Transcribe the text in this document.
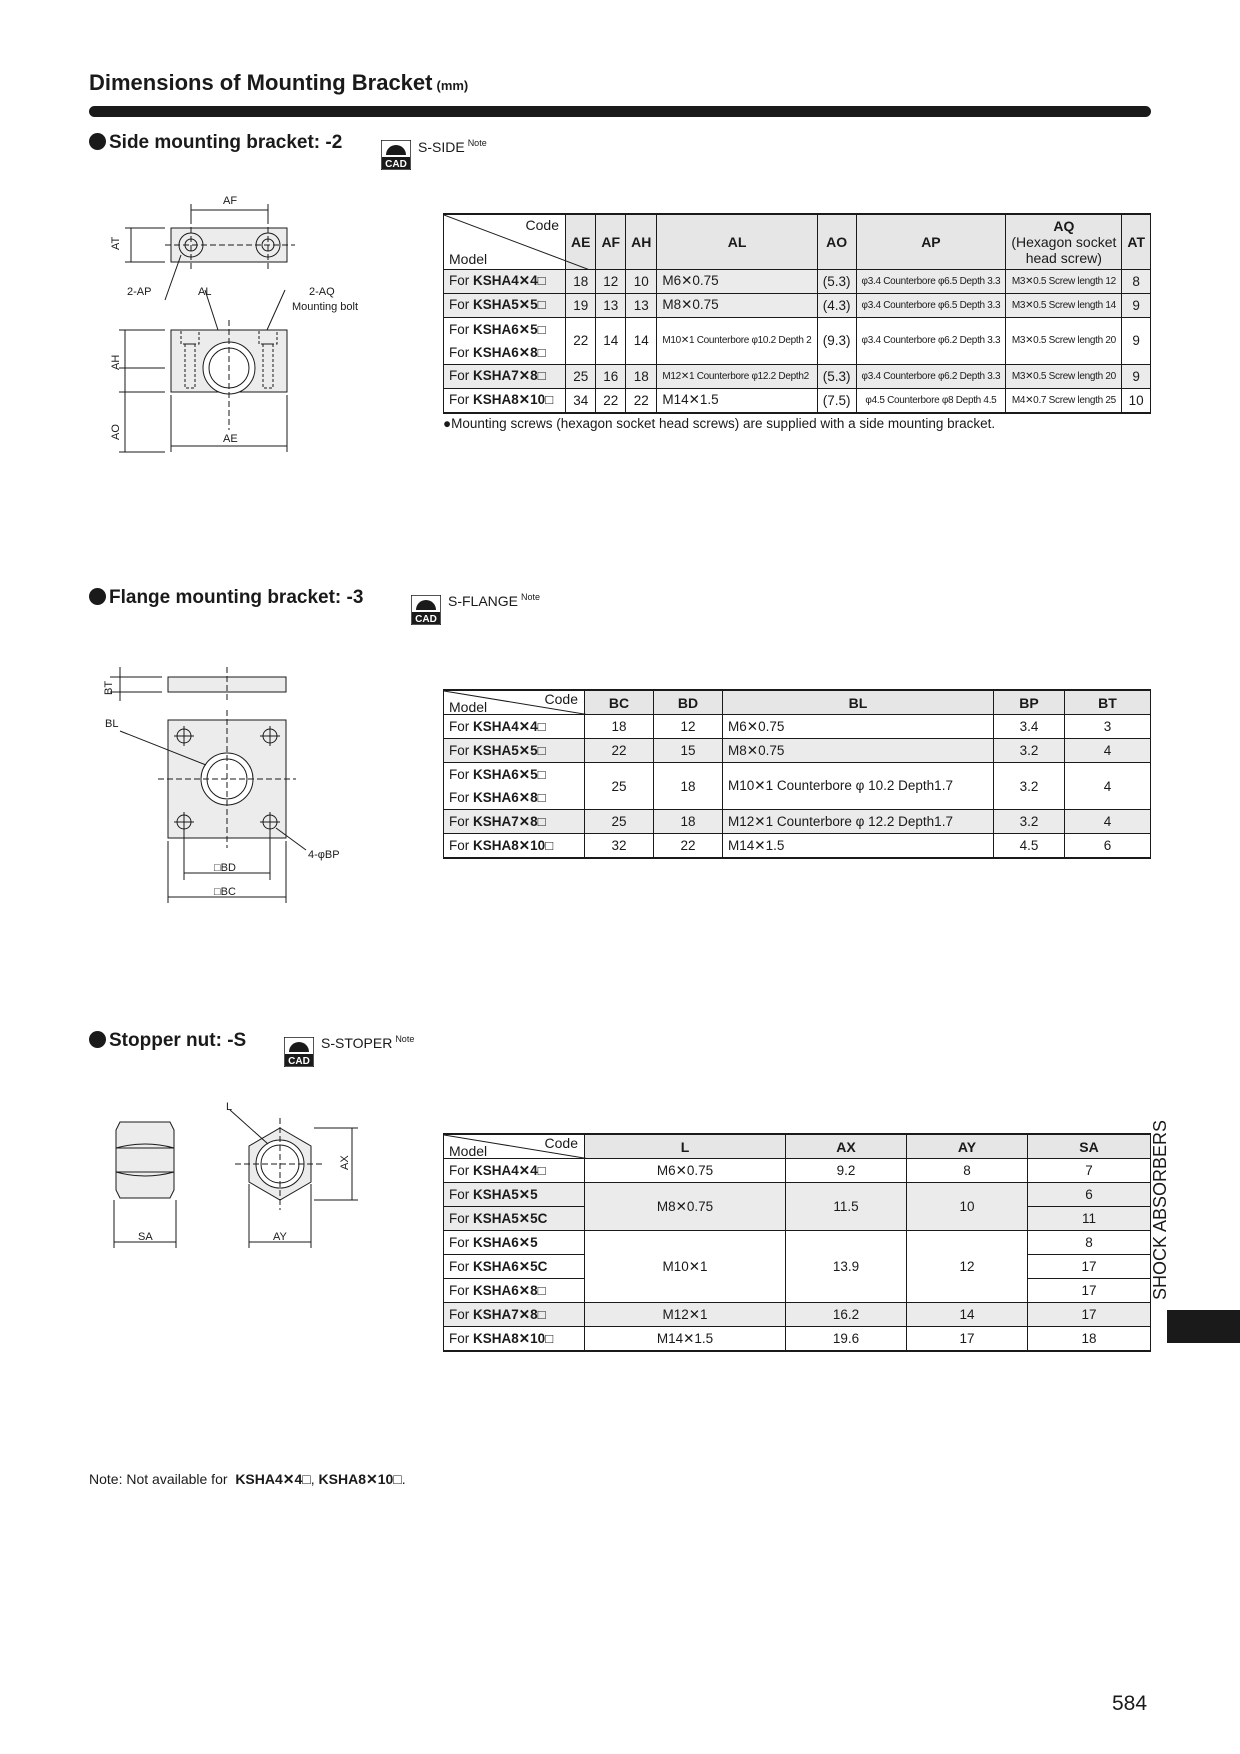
Dimensions of Mounting Bracket (mm)
Side mounting bracket: -2
CAD
S-SIDE $^{Note}$
AF
AT
2-AP	AL	2-AQ
Mounting bolt
AH
AO	AE
Code
Model	AE	AF	AH	AL	AO	AP	AQ
(Hexagon socket
head screw)	AT
For KSHA4✕4□	18	12	10	M6✕0.75	(5.3)	φ3.4 Counterbore φ6.5 Depth 3.3	M3✕0.5 Screw length 12	8
For KSHA5✕5□	19	13	13	M8✕0.75	(4.3)	φ3.4 Counterbore φ6.5 Depth 3.3	M3✕0.5 Screw length 14	9
For KSHA6✕5□
For KSHA6✕8□	22	14	14	M10✕1 Counterbore φ10.2 Depth 2	(9.3)	φ3.4 Counterbore φ6.2 Depth 3.3	M3✕0.5 Screw length 20	9
For KSHA7✕8□	25	16	18	M12✕1 Counterbore φ12.2 Depth2	(5.3)	φ3.4 Counterbore φ6.2 Depth 3.3	M3✕0.5 Screw length 20	9
For KSHA8✕10□	34	22	22	M14✕1.5	(7.5)	φ4.5 Counterbore φ8 Depth 4.5	M4✕0.7 Screw length 25	10
●Mounting screws (hexagon socket head screws) are supplied with a side mounting bracket.
Flange mounting bracket: -3
CAD
S-FLANGE $^{Note}$
BT
BL
4-φBP
□BD
□BC
Code
Model	BC	BD	BL	BP	BT
For KSHA4✕4□	18	12	M6✕0.75	3.4	3
For KSHA5✕5□	22	15	M8✕0.75	3.2	4
For KSHA6✕5□
For KSHA6✕8□	25	18	M10✕1 Counterbore φ 10.2 Depth1.7	3.2	4
For KSHA7✕8□	25	18	M12✕1 Counterbore φ 12.2 Depth1.7	3.2	4
For KSHA8✕10□	32	22	M14✕1.5	4.5	6
Stopper nut: -S
CAD
S-STOPER $^{Note}$
L
AX
SA	AY
Code
Model	L	AX	AY	SA
For KSHA4✕4□	M6✕0.75	9.2	8	7
For KSHA5✕5	M8✕0.75	11.5	10	6
For KSHA5✕5C				11
For KSHA6✕5	M10✕1	13.9	12	8
For KSHA6✕5C				17
For KSHA6✕8□				17
For KSHA7✕8□	M12✕1	16.2	14	17
For KSHA8✕10□	M14✕1.5	19.6	17	18
Note: Not available for KSHA4✕4□, KSHA8✕10□.
SHOCK ABSORBERS
584
